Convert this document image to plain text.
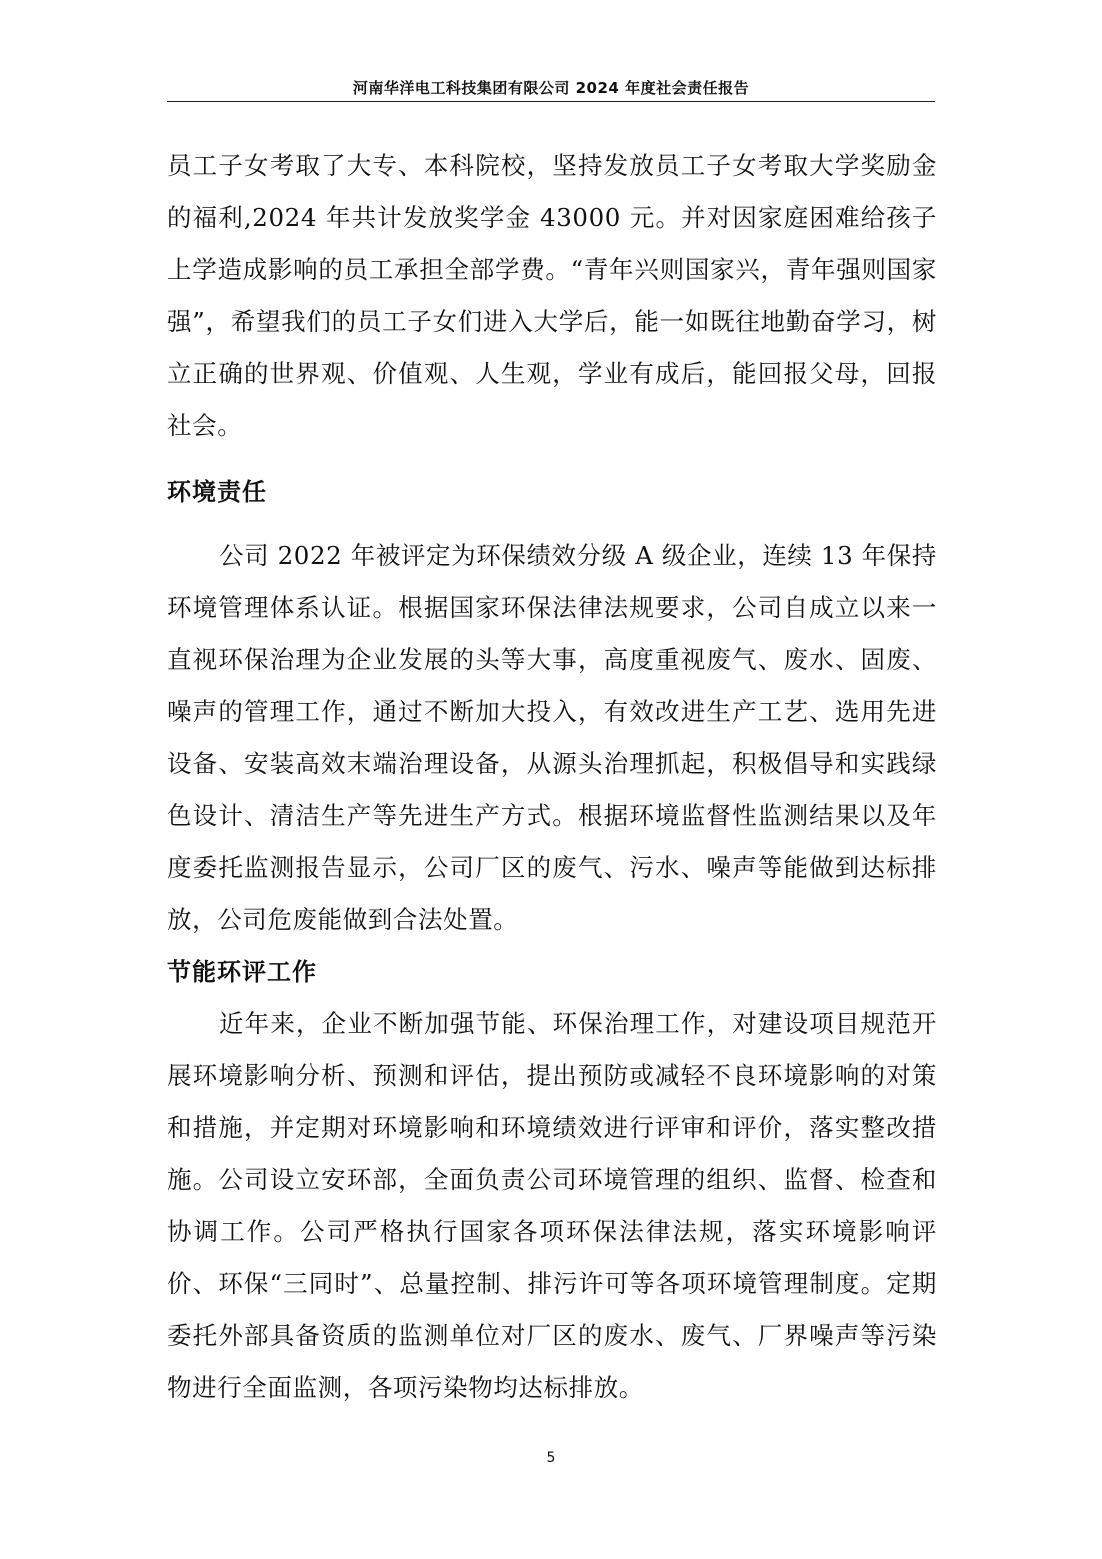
河南华洋电工科技集团有限公司 2024 年度社会责任报告

员工子女考取了大专、本科院校，坚持发放员工子女考取大学奖励金的福利,2024 年共计发放奖学金 43000 元。并对因家庭困难给孩子上学造成影响的员工承担全部学费。“青年兴则国家兴，青年强则国家强”，希望我们的员工子女们进入大学后，能一如既往地勤奋学习，树立正确的世界观、价值观、人生观，学业有成后，能回报父母，回报社会。

环境责任

公司 2022 年被评定为环保绩效分级 A 级企业，连续 13 年保持环境管理体系认证。根据国家环保法律法规要求，公司自成立以来一直视环保治理为企业发展的头等大事，高度重视废气、废水、固废、噪声的管理工作，通过不断加大投入，有效改进生产工艺、选用先进设备、安装高效末端治理设备，从源头治理抓起，积极倡导和实践绿色设计、清洁生产等先进生产方式。根据环境监督性监测结果以及年度委托监测报告显示，公司厂区的废气、污水、噪声等能做到达标排放，公司危废能做到合法处置。

节能环评工作

近年来，企业不断加强节能、环保治理工作，对建设项目规范开展环境影响分析、预测和评估，提出预防或减轻不良环境影响的对策和措施，并定期对环境影响和环境绩效进行评审和评价，落实整改措施。公司设立安环部，全面负责公司环境管理的组织、监督、检查和协调工作。公司严格执行国家各项环保法律法规，落实环境影响评价、环保“三同时”、总量控制、排污许可等各项环境管理制度。定期委托外部具备资质的监测单位对厂区的废水、废气、厂界噪声等污染物进行全面监测，各项污染物均达标排放。

5
